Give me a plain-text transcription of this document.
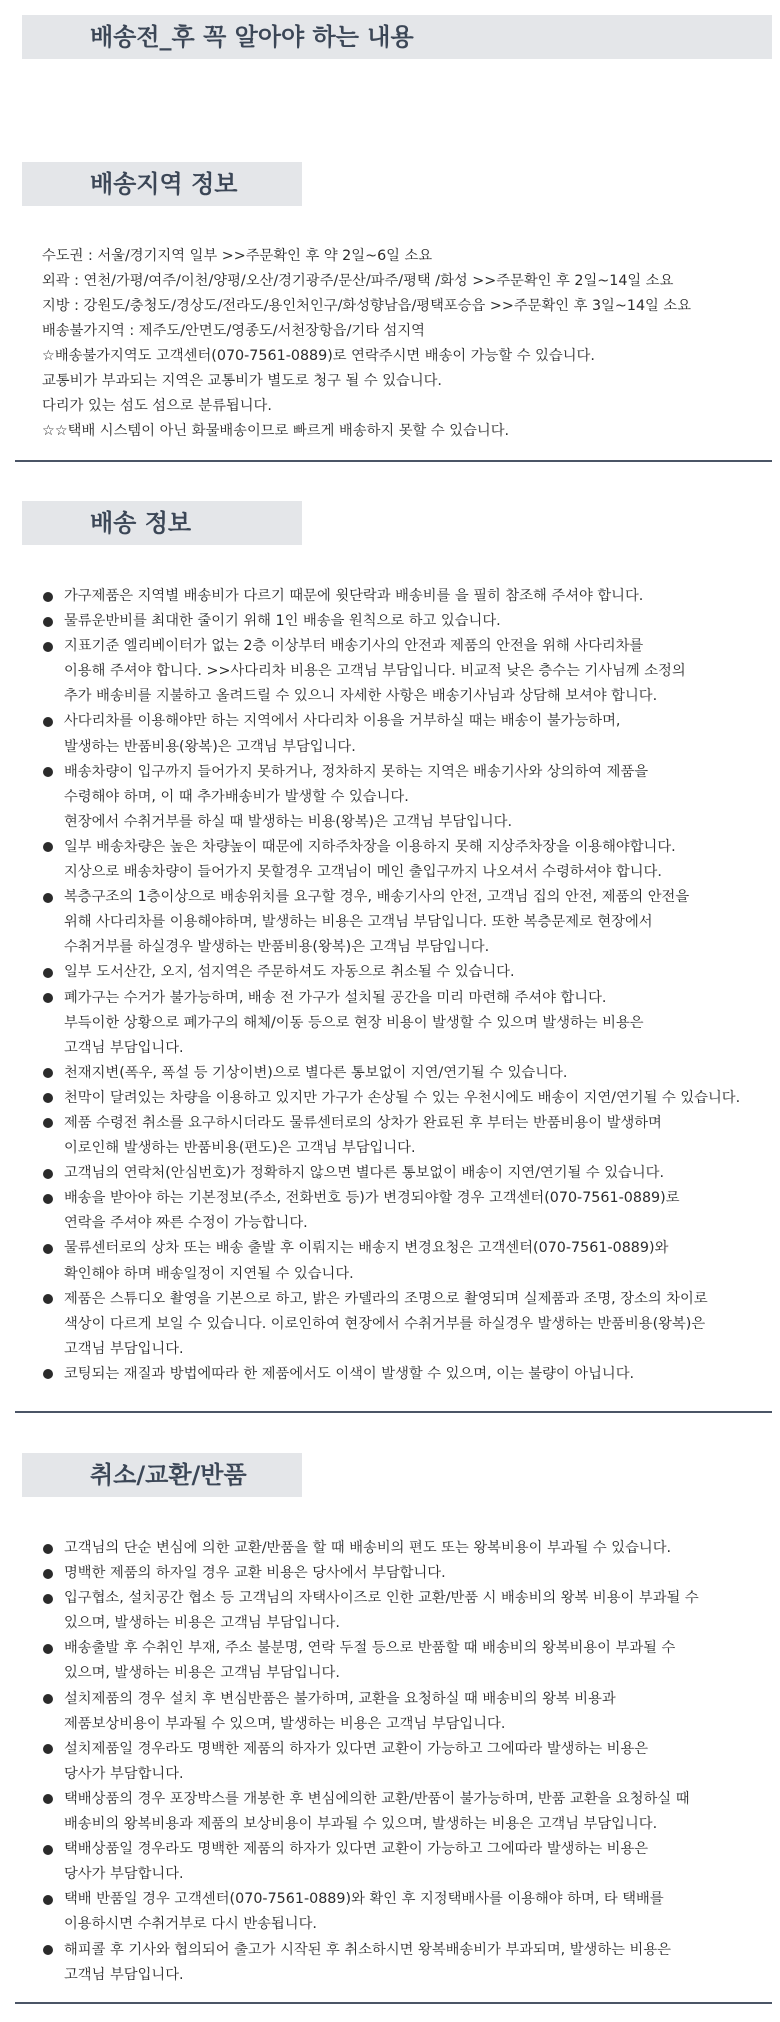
배송전_후 꼭 알아야 하는 내용
배송지역 정보
수도권 : 서울/경기지역 일부 >>주문확인 후 약 2일~6일 소요
외곽 : 연천/가평/여주/이천/양평/오산/경기광주/문산/파주/평택 /화성 >>주문확인 후 2일~14일 소요
지방 : 강원도/충청도/경상도/전라도/용인처인구/화성향남읍/평택포승읍 >>주문확인 후 3일~14일 소요
배송불가지역 : 제주도/안면도/영종도/서천장항읍/기타 섬지역
☆배송불가지역도 고객센터(070-7561-0889)로 연락주시면 배송이 가능할 수 있습니다.
교통비가 부과되는 지역은 교통비가 별도로 청구 될 수 있습니다.
다리가 있는 섬도 섬으로 분류됩니다.
☆☆택배 시스템이 아닌 화물배송이므로 빠르게 배송하지 못할 수 있습니다.
배송 정보
가구제품은 지역별 배송비가 다르기 때문에 윗단락과 배송비를 을 필히 참조해 주셔야 합니다.
물류운반비를 최대한 줄이기 위해 1인 배송을 원칙으로 하고 있습니다.
지표기준 엘리베이터가 없는 2층 이상부터 배송기사의 안전과 제품의 안전을 위해 사다리차를
이용해 주셔야 합니다. >>사다리차 비용은 고객님 부담입니다. 비교적 낮은 층수는 기사님께 소정의
추가 배송비를 지불하고 올려드릴 수 있으니 자세한 사항은 배송기사님과 상담해 보셔야 합니다.
사다리차를 이용해야만 하는 지역에서 사다리차 이용을 거부하실 때는 배송이 불가능하며,
발생하는 반품비용(왕복)은 고객님 부담입니다.
배송차량이 입구까지 들어가지 못하거나, 정차하지 못하는 지역은 배송기사와 상의하여 제품을
수령해야 하며, 이 때 추가배송비가 발생할 수 있습니다.
현장에서 수취거부를 하실 때 발생하는 비용(왕복)은 고객님 부담입니다.
일부 배송차량은 높은 차량높이 때문에 지하주차장을 이용하지 못해 지상주차장을 이용해야합니다.
지상으로 배송차량이 들어가지 못할경우 고객님이 메인 출입구까지 나오셔서 수령하셔야 합니다.
복층구조의 1층이상으로 배송위치를 요구할 경우, 배송기사의 안전, 고객님 집의 안전, 제품의 안전을
위해 사다리차를 이용해야하며, 발생하는 비용은 고객님 부담입니다. 또한 복층문제로 현장에서
수취거부를 하실경우 발생하는 반품비용(왕복)은 고객님 부담입니다.
일부 도서산간, 오지, 섬지역은 주문하셔도 자동으로 취소될 수 있습니다.
폐가구는 수거가 불가능하며, 배송 전 가구가 설치될 공간을 미리 마련해 주셔야 합니다.
부득이한 상황으로 폐가구의 해체/이동 등으로 현장 비용이 발생할 수 있으며 발생하는 비용은
고객님 부담입니다.
천재지변(폭우, 폭설 등 기상이변)으로 별다른 통보없이 지연/연기될 수 있습니다.
천막이 달려있는 차량을 이용하고 있지만 가구가 손상될 수 있는 우천시에도 배송이 지연/연기될 수 있습니다.
제품 수령전 취소를 요구하시더라도 물류센터로의 상차가 완료된 후 부터는 반품비용이 발생하며
이로인해 발생하는 반품비용(편도)은 고객님 부담입니다.
고객님의 연락처(안심번호)가 정확하지 않으면 별다른 통보없이 배송이 지연/연기될 수 있습니다.
배송을 받아야 하는 기본정보(주소, 전화번호 등)가 변경되야할 경우 고객센터(070-7561-0889)로
연락을 주셔야 짜른 수정이 가능합니다.
물류센터로의 상차 또는 배송 출발 후 이뤄지는 배송지 변경요청은 고객센터(070-7561-0889)와
확인해야 하며 배송일정이 지연될 수 있습니다.
제품은 스튜디오 촬영을 기본으로 하고, 밝은 카델라의 조명으로 촬영되며 실제품과 조명, 장소의 차이로
색상이 다르게 보일 수 있습니다. 이로인하여 현장에서 수취거부를 하실경우 발생하는 반품비용(왕복)은
고객님 부담입니다.
코팅되는 재질과 방법에따라 한 제품에서도 이색이 발생할 수 있으며, 이는 불량이 아닙니다.
취소/교환/반품
고객님의 단순 변심에 의한 교환/반품을 할 때 배송비의 편도 또는 왕복비용이 부과될 수 있습니다.
명백한 제품의 하자일 경우 교환 비용은 당사에서 부담합니다.
입구협소, 설치공간 협소 등 고객님의 자택사이즈로 인한 교환/반품 시 배송비의 왕복 비용이 부과될 수
있으며, 발생하는 비용은 고객님 부담입니다.
배송출발 후 수취인 부재, 주소 불분명, 연락 두절 등으로 반품할 때 배송비의 왕복비용이 부과될 수
있으며, 발생하는 비용은 고객님 부담입니다.
설치제품의 경우 설치 후 변심반품은 불가하며, 교환을 요청하실 때 배송비의 왕복 비용과
제품보상비용이 부과될 수 있으며, 발생하는 비용은 고객님 부담입니다.
설치제품일 경우라도 명백한 제품의 하자가 있다면 교환이 가능하고 그에따라 발생하는 비용은
당사가 부담합니다.
택배상품의 경우 포장박스를 개봉한 후 변심에의한 교환/반품이 불가능하며, 반품 교환을 요청하실 때
배송비의 왕복비용과 제품의 보상비용이 부과될 수 있으며, 발생하는 비용은 고객님 부담입니다.
택배상품일 경우라도 명백한 제품의 하자가 있다면 교환이 가능하고 그에따라 발생하는 비용은
당사가 부담합니다.
택배 반품일 경우 고객센터(070-7561-0889)와 확인 후 지정택배사를 이용해야 하며, 타 택배를
이용하시면 수취거부로 다시 반송됩니다.
해피콜 후 기사와 협의되어 출고가 시작된 후 취소하시면 왕복배송비가 부과되며, 발생하는 비용은
고객님 부담입니다.
